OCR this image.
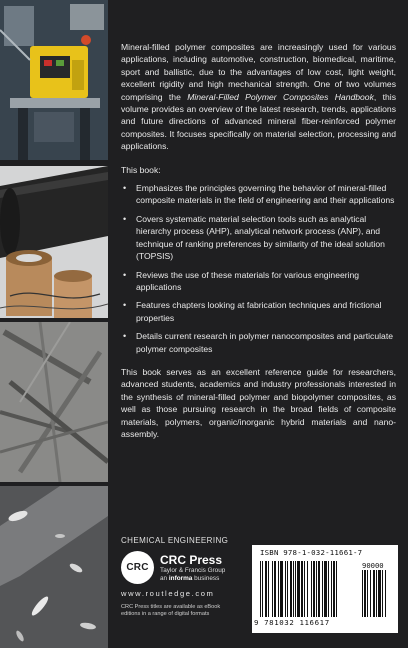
Mineral-filled polymer composites are increasingly used for various applications, including automotive, construction, biomedical, maritime, sport and ballistic, due to the advantages of low cost, light weight, excellent rigidity and high mechanical strength. One of two volumes comprising the Mineral-Filled Polymer Composites Handbook, this volume provides an overview of the latest research, trends, applications and future directions of advanced mineral fiber-reinforced polymer composites. It focuses specifically on material selection, processing and applications.

This book:

• Emphasizes the principles governing the behavior of mineral-filled composite materials in the field of engineering and their applications
• Covers systematic material selection tools such as analytical hierarchy process (AHP), analytical network process (ANP), and technique of ranking preferences by similarity of the ideal solution (TOPSIS)
• Reviews the use of these materials for various engineering applications
• Features chapters looking at fabrication techniques and frictional properties
• Details current research in polymer nanocomposites and particulate polymer composites

This book serves as an excellent reference guide for researchers, advanced students, academics and industry professionals interested in the synthesis of mineral-filled polymer and biopolymer composites, as well as those pursuing research in the broad fields of composite materials, polymers, organic/inorganic hybrid materials and nano-assembly.

CHEMICAL ENGINEERING
CRC
CRC Press
Taylor & Francis Group
an informa business
www.routledge.com
CRC Press titles are available as eBook editions in a range of digital formats
ISBN 978-1-032-11661-7
90000
9 781032 116617
